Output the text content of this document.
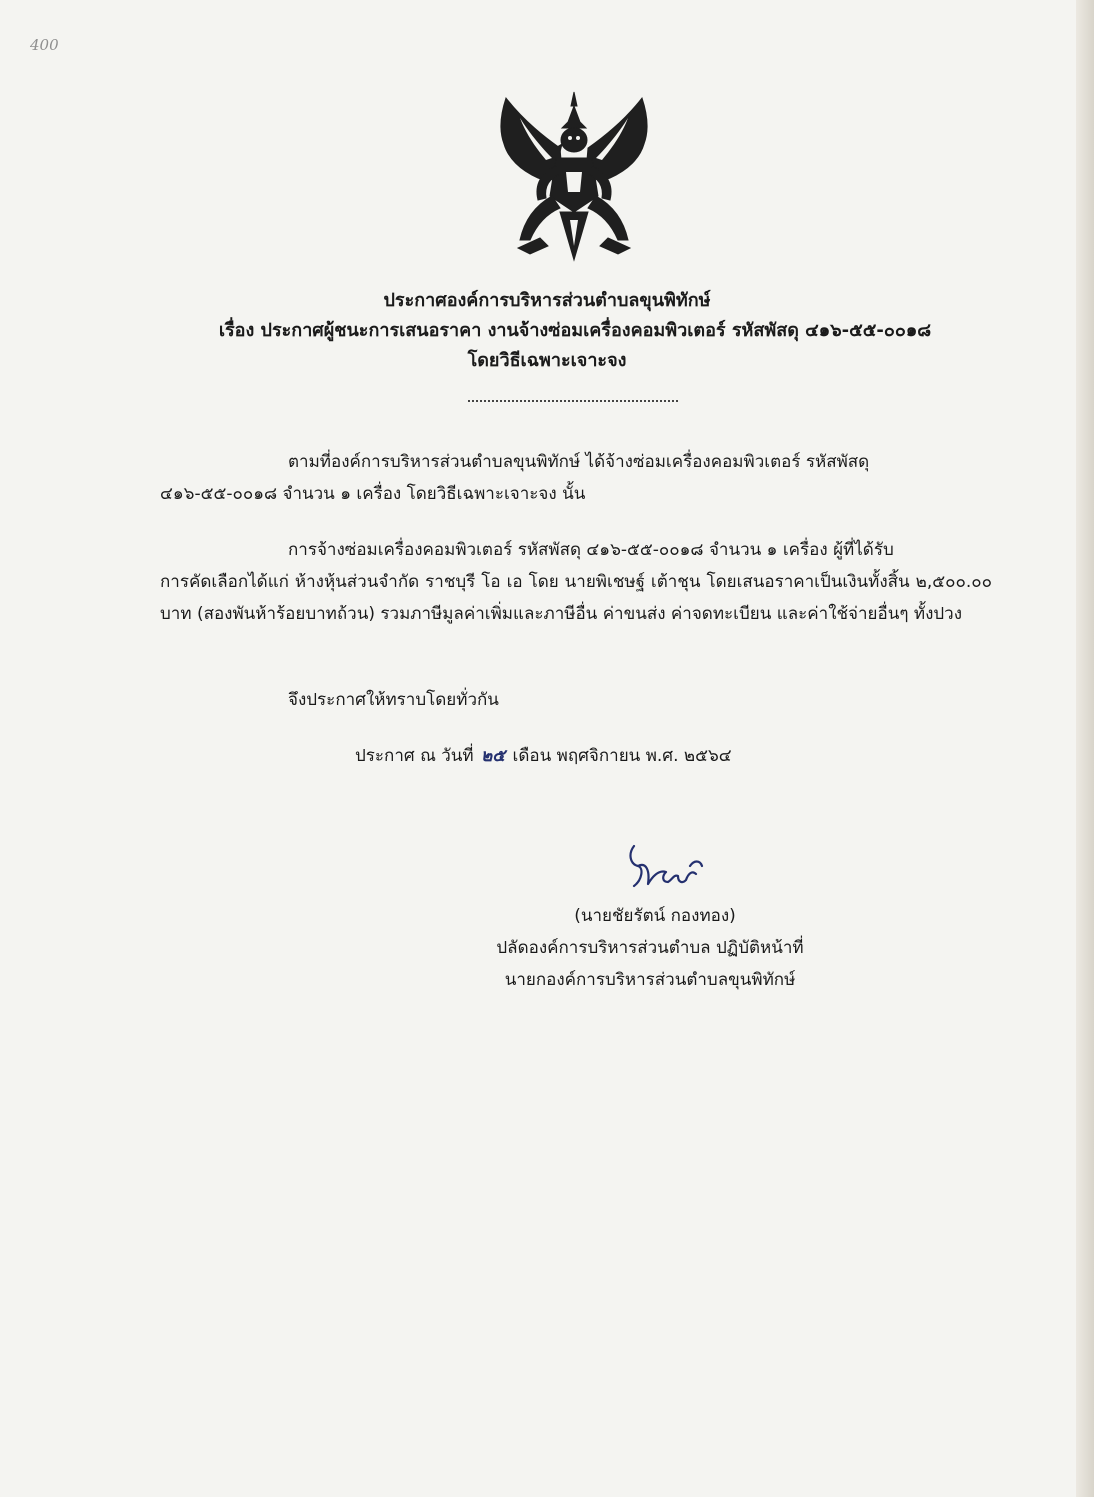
400
ประกาศองค์การบริหารส่วนตำบลขุนพิทักษ์
เรื่อง ประกาศผู้ชนะการเสนอราคา งานจ้างซ่อมเครื่องคอมพิวเตอร์ รหัสพัสดุ ๔๑๖-๕๕-๐๐๑๘
โดยวิธีเฉพาะเจาะจง
ตามที่องค์การบริหารส่วนตำบลขุนพิทักษ์ ได้จ้างซ่อมเครื่องคอมพิวเตอร์ รหัสพัสดุ
๔๑๖-๕๕-๐๐๑๘ จำนวน ๑ เครื่อง โดยวิธีเฉพาะเจาะจง นั้น
การจ้างซ่อมเครื่องคอมพิวเตอร์ รหัสพัสดุ ๔๑๖-๕๕-๐๐๑๘ จำนวน ๑ เครื่อง ผู้ที่ได้รับ
การคัดเลือกได้แก่ ห้างหุ้นส่วนจำกัด ราชบุรี โอ เอ โดย นายพิเชษฐ์ เต้าชุน โดยเสนอราคาเป็นเงินทั้งสิ้น ๒,๕๐๐.๐๐ บาท (สองพันห้าร้อยบาทถ้วน) รวมภาษีมูลค่าเพิ่มและภาษีอื่น ค่าขนส่ง ค่าจดทะเบียน และค่าใช้จ่ายอื่นๆ ทั้งปวง
จึงประกาศให้ทราบโดยทั่วกัน
ประกาศ ณ วันที่ ๒๕ เดือน พฤศจิกายน พ.ศ. ๒๕๖๔
(นายชัยรัตน์ กองทอง)
ปลัดองค์การบริหารส่วนตำบล ปฏิบัติหน้าที่
นายกองค์การบริหารส่วนตำบลขุนพิทักษ์
